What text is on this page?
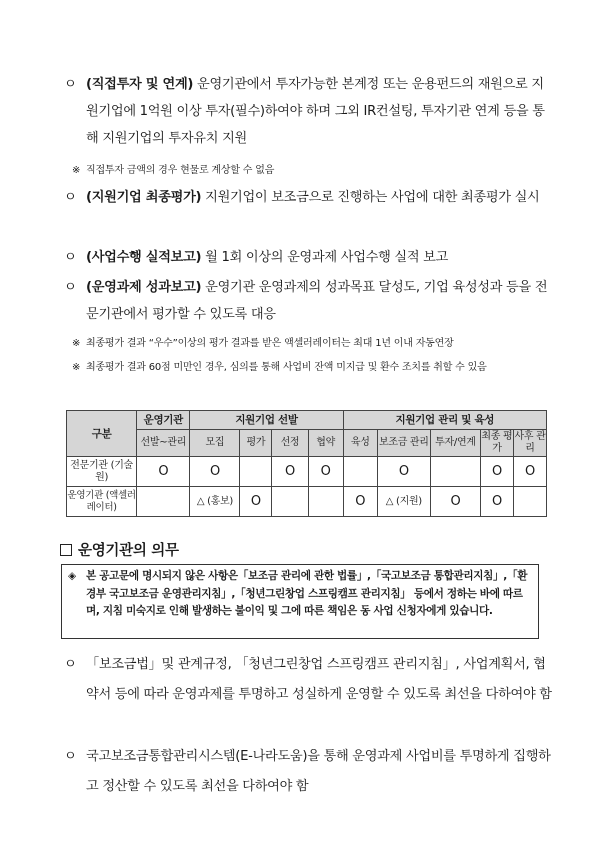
ㅇ (직접투자 및 연계) 운영기관에서 투자가능한 본계정 또는 운용펀드의 재원으로 지원기업에 1억원 이상 투자(필수)하여야 하며 그외 IR컨설팅, 투자기관 연계 등을 통해 지원기업의 투자유치 지원
※ 직접투자 금액의 경우 현물로 계상할 수 없음
ㅇ (지원기업 최종평가) 지원기업이 보조금으로 진행하는 사업에 대한 최종평가 실시
ㅇ (사업수행 실적보고) 월 1회 이상의 운영과제 사업수행 실적 보고
ㅇ (운영과제 성과보고) 운영기관 운영과제의 성과목표 달성도, 기업 육성성과 등을 전문기관에서 평가할 수 있도록 대응
※ 최종평가 결과 “우수”이상의 평가 결과를 받은 액셀러레이터는 최대 1년 이내 자동연장
※ 최종평가 결과 60점 미만인 경우, 심의를 통해 사업비 잔액 미지급 및 환수 조치를 취할 수 있음
구분	운영기관	지원기업 선발				지원기업 관리 및 육성				
	선발~관리	모집	평가	선정	협약	육성	보조금 관리	투자/연계	최종 평가	사후 관리
전문기관 (기술원)	O	O		O	O		O		O	O
운영기관 (액셀러레이터)		△ (홍보)	O			O	△ (지원)	O	O	
운영기관의 의무
◈ 본 공고문에 명시되지 않은 사항은「보조금 관리에 관한 법률」,「국고보조금 통합관리지침」,「환경부 국고보조금 운영관리지침」,「청년그린창업 스프링캠프 관리지침」 등에서 정하는 바에 따르며, 지침 미숙지로 인해 발생하는 불이익 및 그에 따른 책임은 동 사업 신청자에게 있습니다.
ㅇ 「보조금법」및 관계규정, 「청년그린창업 스프링캠프 관리지침」, 사업계획서, 협약서 등에 따라 운영과제를 투명하고 성실하게 운영할 수 있도록 최선을 다하여야 함
ㅇ 국고보조금통합관리시스템(E-나라도움)을 통해 운영과제 사업비를 투명하게 집행하고 정산할 수 있도록 최선을 다하여야 함
